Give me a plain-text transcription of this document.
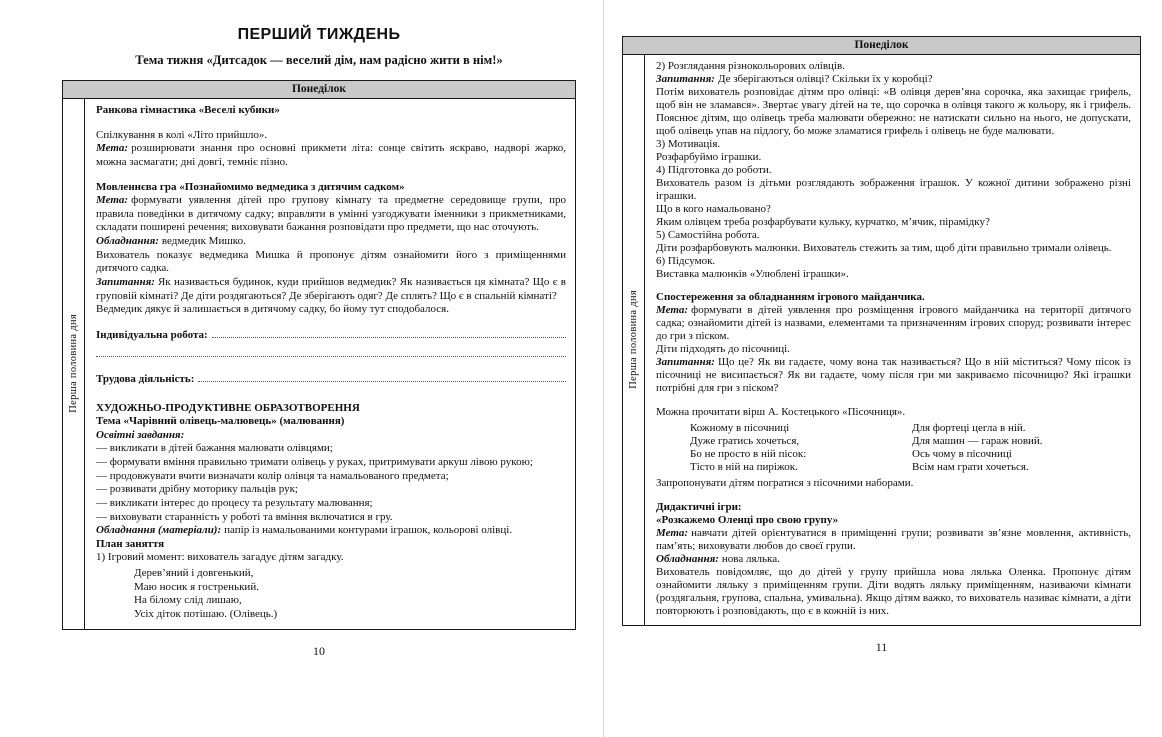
ПЕРШИЙ ТИЖДЕНЬ
Тема тижня «Дитсадок — веселий дім, нам радісно жити в нім!»
Понеділок
Перша половина дня

Ранкова гімнастика «Веселі кубики»

Спілкування в колі «Літо прийшло».

Мета: розширювати знання про основні прикмети літа: сонце світить яскраво, надворі жарко, можна засмагати; дні довгі, темніє пізно.

Мовленнєва гра «Познайомимо ведмедика з дитячим садком»

Мета: формувати уявлення дітей про групову кімнату та предметне середовище групи, про правила поведінки в дитячому садку; вправляти в умінні узгоджувати іменники з прикметниками, складати поширені речення; виховувати бажання розповідати про предмети, що нас оточують.

Обладнання: ведмедик Мишко.

Вихователь показує ведмедика Мишка й пропонує дітям ознайомити його з приміщеннями дитячого садка.

Запитання: Як називається будинок, куди прийшов ведмедик? Як називається ця кімната? Що є в груповій кімнаті? Де діти роздягаються? Де зберігають одяг? Де сплять? Що є в спальній кімнаті?

Ведмедик дякує й залишається в дитячому садку, бо йому тут сподобалося.

Індивідуальна робота:
Трудова діяльність:

ХУДОЖНЬО-ПРОДУКТИВНЕ ОБРАЗОТВОРЕННЯ

Тема «Чарівний олівець-малювець» (малювання)

Освітні завдання:

— викликати в дітей бажання малювати олівцями;

— формувати вміння правильно тримати олівець у руках, притримувати аркуш лівою рукою;

— продовжувати вчити визначати колір олівця та намальованого предмета;

— розвивати дрібну моторику пальців рук;

— викликати інтерес до процесу та результату малювання;

— виховувати старанність у роботі та вміння включатися в гру.

Обладнання (матеріали): папір із намальованими контурами іграшок, кольорові олівці.

План заняття

1) Ігровий момент: вихователь загадує дітям загадку.

Дерев’яний і довгенький,
Маю носик я гостренький.
На білому слід лишаю,
Усіх діток потішаю. (Олівець.)
10
Понеділок
Перша половина дня

2) Розглядання різнокольорових олівців.

Запитання: Де зберігаються олівці? Скільки їх у коробці?

Потім вихователь розповідає дітям про олівці: «В олівця дерев’яна сорочка, яка захищає грифель, щоб він не зламався». Звертає увагу дітей на те, що сорочка в олівця такого ж кольору, як і грифель. Пояснює дітям, що олівець треба малювати обережно: не натискати сильно на нього, не допускати, щоб олівець упав на підлогу, бо може зламатися грифель і олівець не буде малювати.

3) Мотивація.

Розфарбуймо іграшки.

4) Підготовка до роботи.

Вихователь разом із дітьми розглядають зображення іграшок. У кожної дитини зображено різні іграшки.

Що в кого намальовано?

Яким олівцем треба розфарбувати кульку, курчатко, м’ячик, пірамідку?

5) Самостійна робота.

Діти розфарбовують малюнки. Вихователь стежить за тим, щоб діти правильно тримали олівець.

6) Підсумок.

Виставка малюнків «Улюблені іграшки».

Спостереження за обладнанням ігрового майданчика.

Мета: формувати в дітей уявлення про розміщення ігрового майданчика на території дитячого садка; ознайомити дітей із назвами, елементами та призначенням ігрових споруд; розвивати інтерес до гри з піском.

Діти підходять до пісочниці.

Запитання: Що це? Як ви гадаєте, чому вона так називається? Що в ній міститься? Чому пісок із пісочниці не висипається? Як ви гадаєте, чому після гри ми закриваємо пісочницю? Які іграшки потрібні для гри з піском?

Можна прочитати вірш А. Костецького «Пісочниця».

Кожному в пісочниці
Дуже гратись хочеться,
Бо не просто в ній пісок:
Тісто в ній на пиріжок.
Для фортеці цегла в ній.
Для машин — гараж новий.
Ось чому в пісочниці
Всім нам грати хочеться.

Запропонувати дітям погратися з пісочними наборами.

Дидактичні ігри:

«Розкажемо Оленці про свою групу»

Мета: навчати дітей орієнтуватися в приміщенні групи; розвивати зв’язне мовлення, активність, пам’ять; виховувати любов до своєї групи.

Обладнання: нова лялька.

Вихователь повідомляє, що до дітей у групу прийшла нова лялька Оленка. Пропонує дітям ознайомити ляльку з приміщенням групи. Діти водять ляльку приміщенням, називаючи кімнати (роздягальня, групова, спальна, умивальна). Якщо дітям важко, то вихователь називає кімнати, а діти повторюють і розповідають, що є в кожній із них.

11
